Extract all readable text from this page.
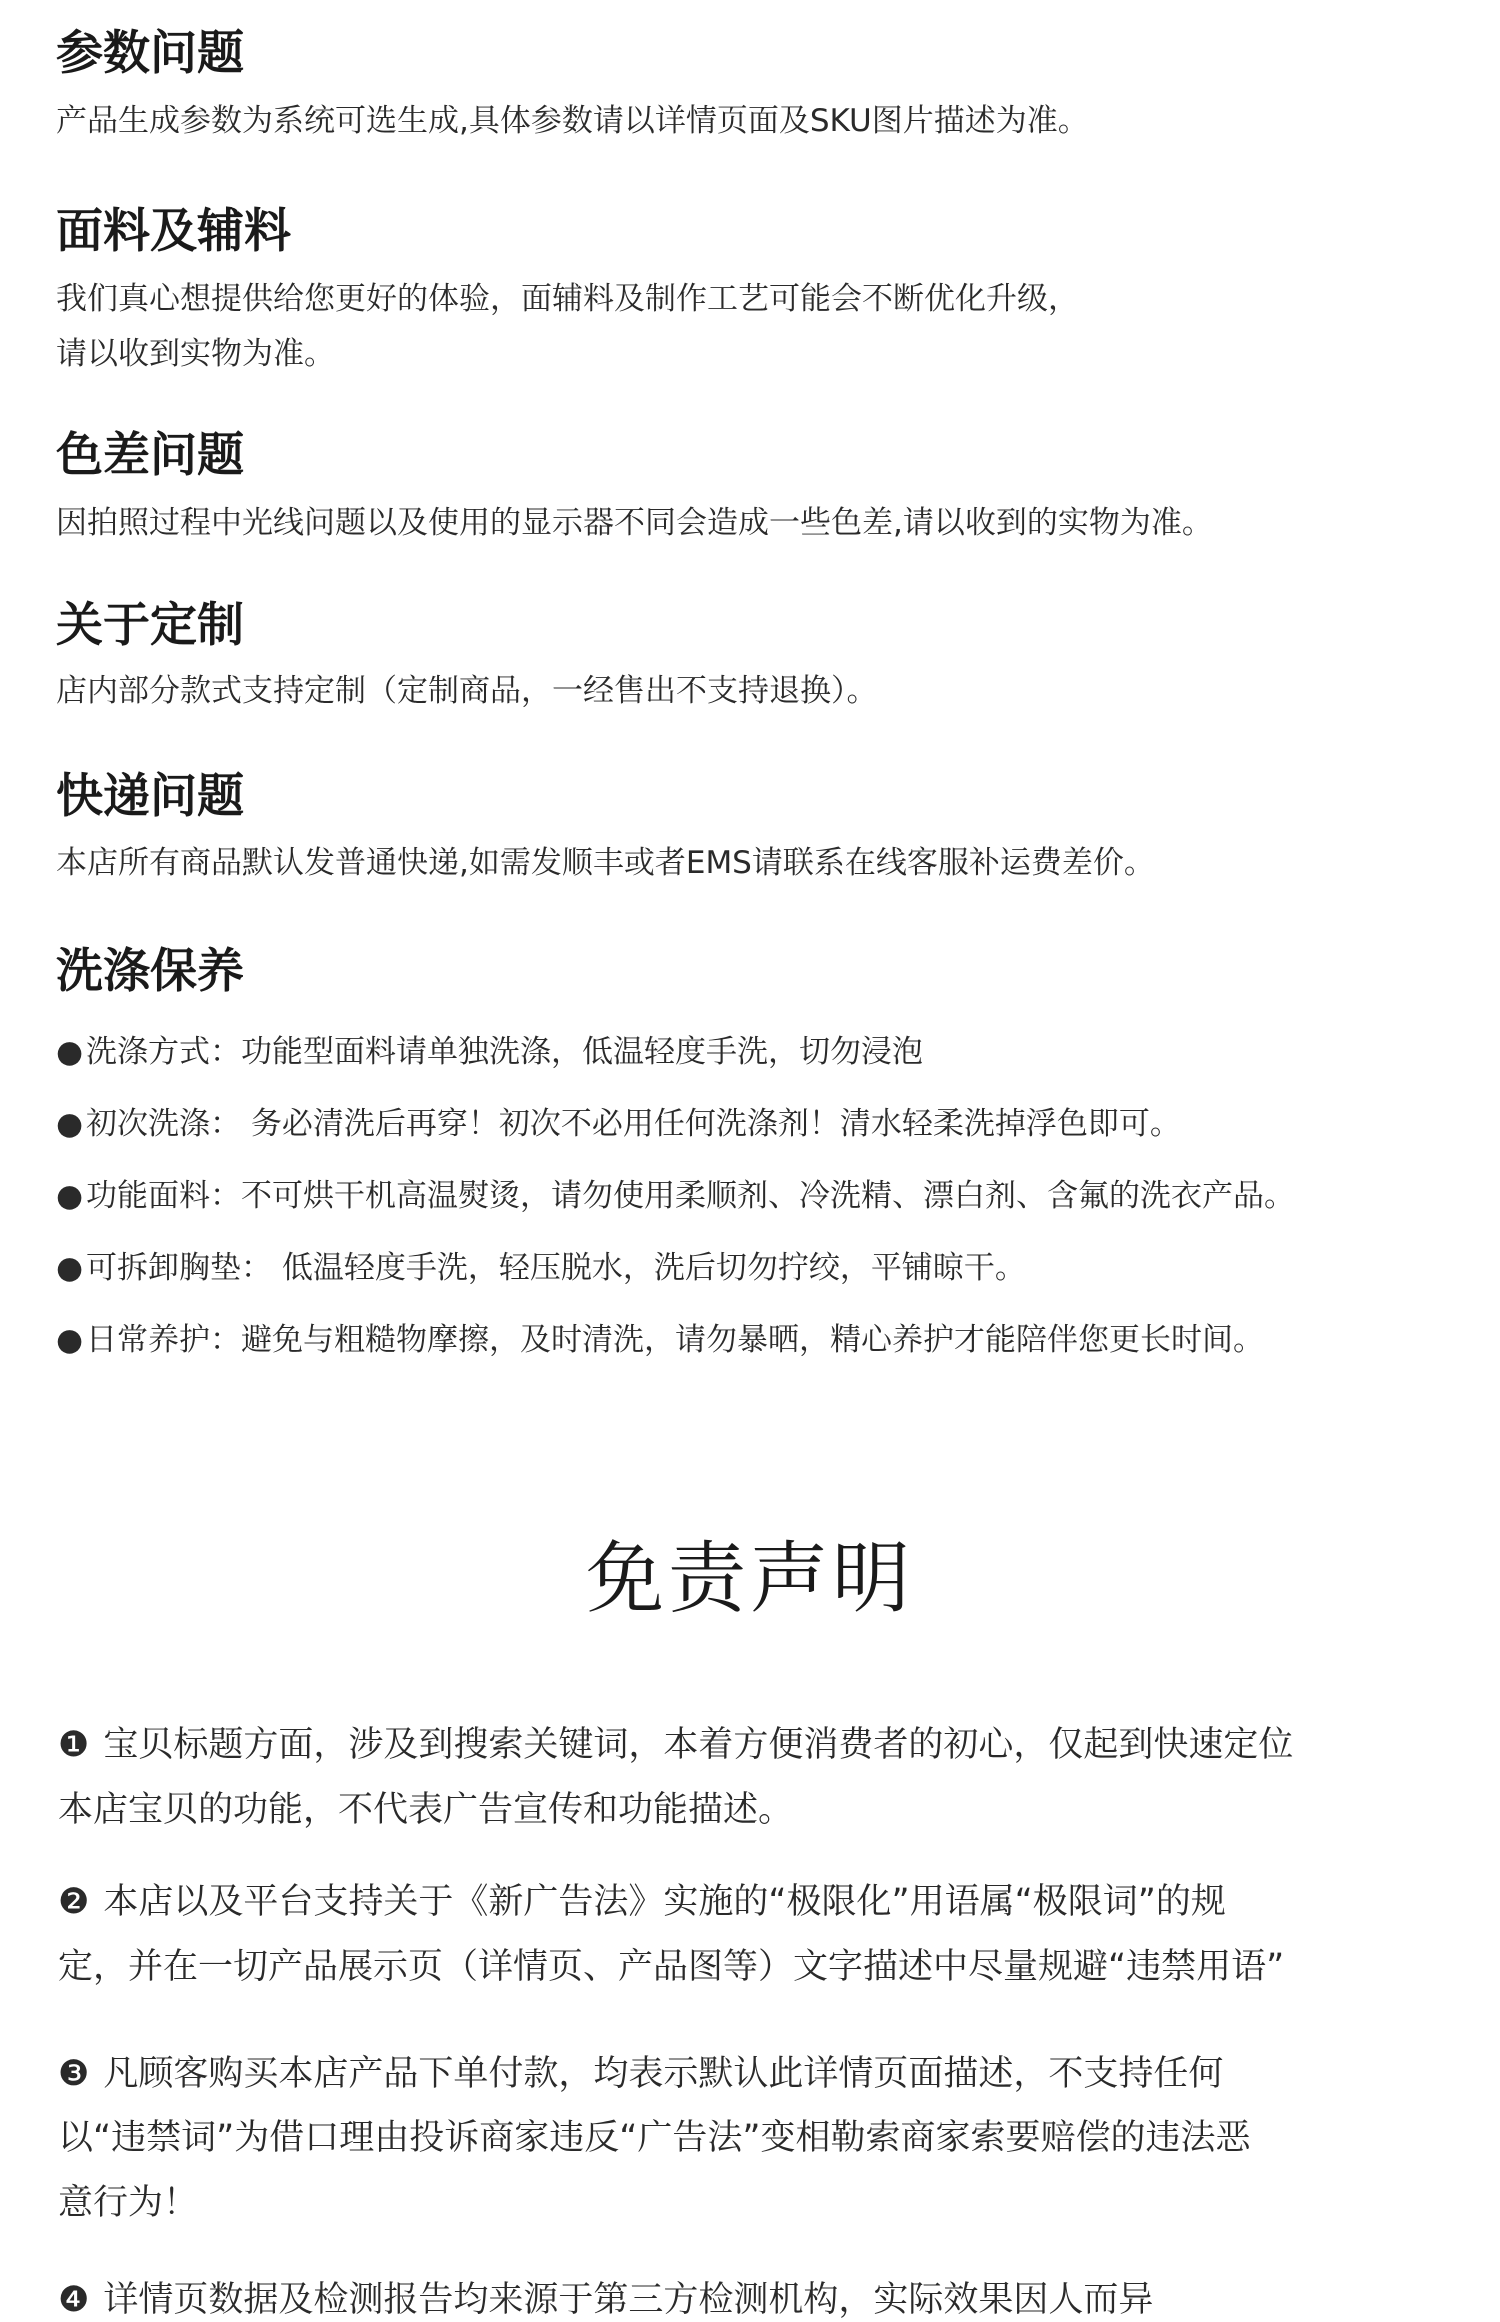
参数问题
产品生成参数为系统可选生成,具体参数请以详情页面及SKU图片描述为准。
面料及辅料
我们真心想提供给您更好的体验，面辅料及制作工艺可能会不断优化升级，
请以收到实物为准。
色差问题
因拍照过程中光线问题以及使用的显示器不同会造成一些色差,请以收到的实物为准。
关于定制
店内部分款式支持定制（定制商品，一经售出不支持退换）。
快递问题
本店所有商品默认发普通快递,如需发顺丰或者EMS请联系在线客服补运费差价。
洗涤保养
●洗涤方式：功能型面料请单独洗涤，低温轻度手洗，切勿浸泡
●初次洗涤： 务必清洗后再穿！初次不必用任何洗涤剂！清水轻柔洗掉浮色即可。
●功能面料：不可烘干机高温熨烫，请勿使用柔顺剂、冷洗精、漂白剂、含氟的洗衣产品。
●可拆卸胸垫： 低温轻度手洗，轻压脱水，洗后切勿拧绞，平铺晾干。
●日常养护：避免与粗糙物摩擦，及时清洗，请勿暴晒，精心养护才能陪伴您更长时间。
免责声明
❶ 宝贝标题方面，涉及到搜索关键词，本着方便消费者的初心，仅起到快速定位
本店宝贝的功能，不代表广告宣传和功能描述。
❷ 本店以及平台支持关于《新广告法》实施的“极限化”用语属“极限词”的规
定，并在一切产品展示页（详情页、产品图等）文字描述中尽量规避“违禁用语”
❸ 凡顾客购买本店产品下单付款，均表示默认此详情页面描述，不支持任何
以“违禁词”为借口理由投诉商家违反“广告法”变相勒索商家索要赔偿的违法恶
意行为！
❹ 详情页数据及检测报告均来源于第三方检测机构，实际效果因人而异
